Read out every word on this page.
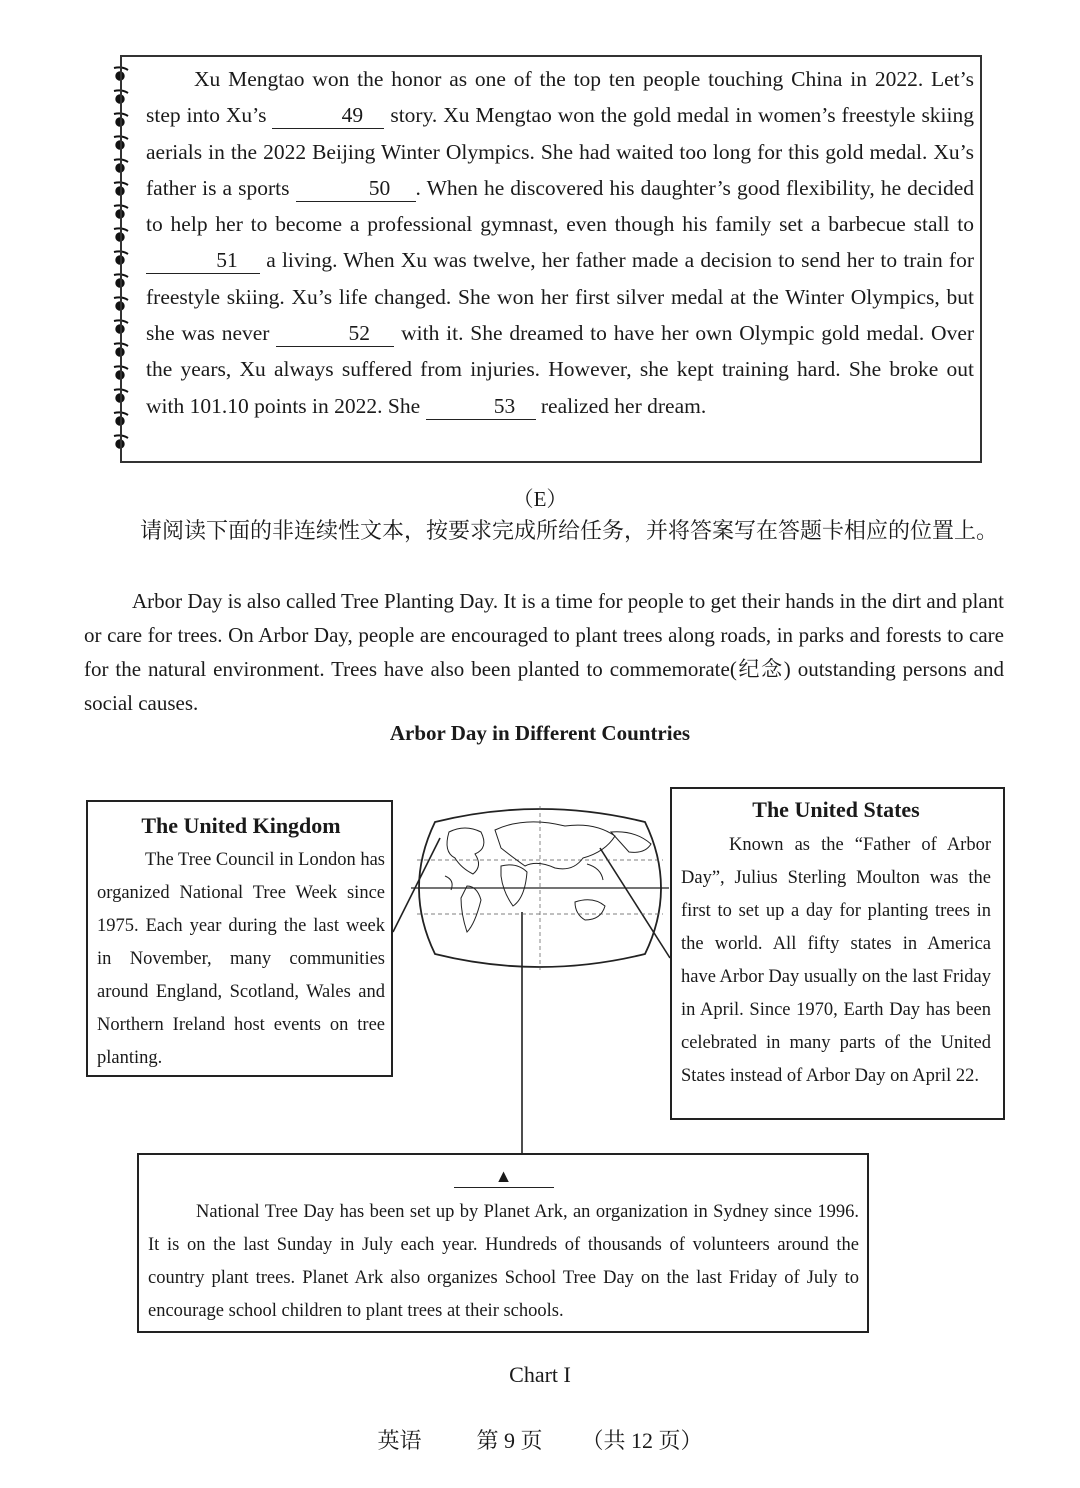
Xu Mengtao won the honor as one of the top ten people touching China in 2022. Let’s step into Xu’s	49 story. Xu Mengtao won the gold medal in women’s freestyle skiing aerials in the 2022 Beijing Winter Olympics. She had waited too long for this gold medal. Xu’s father is a sports	50 . When he discovered his daughter’s good flexibility, he decided to help her to become a professional gymnast, even though his family set a barbecue stall to 51 a living. When Xu was twelve, her father made a decision to send her to train for freestyle skiing. Xu’s life changed. She won her first silver medal at the Winter Olympics, but she was never	52 with it. She dreamed to have her own Olympic gold medal. Over the years, Xu always suffered from injuries. However, she kept training hard. She broke out with 101.10 points in 2022. She	53 realized her dream.

（E）
请阅读下面的非连续性文本，按要求完成所给任务，并将答案写在答题卡相应的位置上。
Arbor Day is also called Tree Planting Day. It is a time for people to get their hands in the dirt and plant or care for trees. On Arbor Day, people are encouraged to plant trees along roads, in parks and forests to care for the natural environment. Trees have also been planted to commemorate(纪念) outstanding persons and social causes.
Arbor Day in Different Countries
The United Kingdom
The Tree Council in London has organized National Tree Week since 1975. Each year during the last week in November, many communities around England, Scotland, Wales and Northern Ireland host events on tree planting.
The United States
Known as the “Father of Arbor Day”, Julius Sterling Moulton was the first to set up a day for planting trees in the world. All fifty states in America have Arbor Day usually on the last Friday in April. Since 1970, Earth Day has been celebrated in many parts of the United States instead of Arbor Day on April 22.
▲
National Tree Day has been set up by Planet Ark, an organization in Sydney since 1996. It is on the last Sunday in July each year. Hundreds of thousands of volunteers around the country plant trees. Planet Ark also organizes School Tree Day on the last Friday of July to encourage school children to plant trees at their schools.
Chart I
英语	第 9 页 （共 12 页）
